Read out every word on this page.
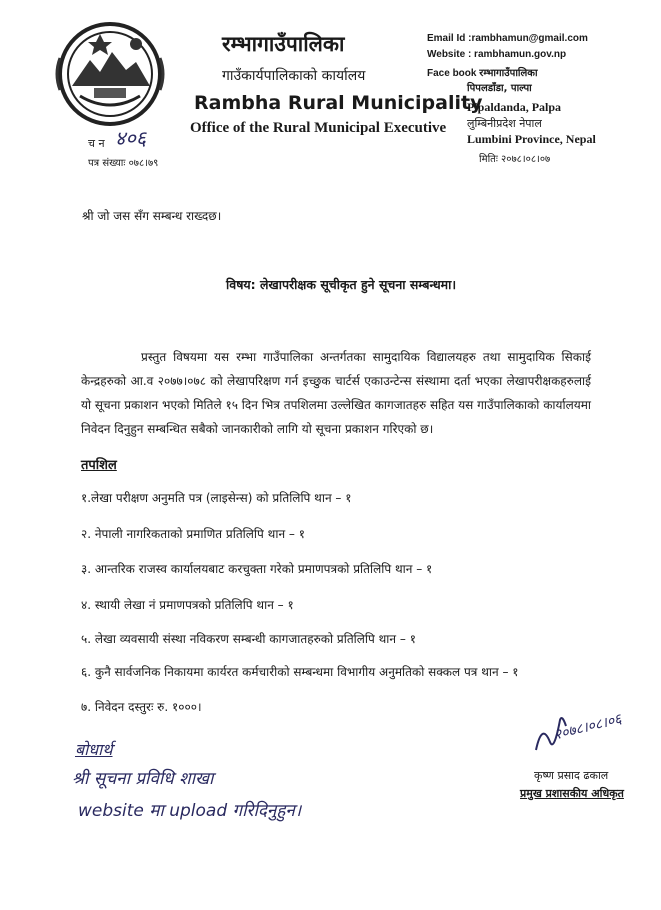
रम्भागाउँपालिका
गाउँकार्यपालिकाको कार्यालय
Rambha Rural Municipality
Office of the Rural Municipal Executive
Email Id :rambhamun@gmail.com
Website : rambhamun.gov.np
Face book रम्भागाउँपालिका
पिपलडाँडा, पाल्पा
Pipaldanda, Palpa
लुम्बिनीप्रदेश नेपाल
Lumbini Province, Nepal
मितिः २०७८।०८।०७
च न ४०६
पत्र संख्याः ०७८।७९
श्री जो जस सँग सम्बन्ध राख्दछ।
विषय: लेखापरीक्षक सूचीकृत हुने सूचना सम्बन्धमा।
प्रस्तुत विषयमा यस रम्भा गाउँपालिका अन्तर्गतका सामुदायिक विद्यालयहरु तथा सामुदायिक सिकाई केन्द्रहरुको आ.व २०७७।०७८ को लेखापरिक्षण गर्न इच्छुक चार्टर्स एकाउन्टेन्स संस्थामा दर्ता भएका लेखापरीक्षकहरुलाई यो सूचना प्रकाशन भएको मितिले १५ दिन भित्र तपशिलमा उल्लेखित कागजातहरु सहित यस गाउँपालिकाको कार्यालयमा निवेदन दिनुहुन सम्बन्धित सबैको जानकारीको लागि यो सूचना प्रकाशन गरिएको छ।
तपशिल
१.लेखा परीक्षण अनुमति पत्र (लाइसेन्स) को प्रतिलिपि थान – १
२. नेपाली नागरिकताको प्रमाणित प्रतिलिपि थान – १
३. आन्तरिक राजस्व कार्यालयबाट करचुक्ता गरेको प्रमाणपत्रको प्रतिलिपि थान – १
४. स्थायी लेखा नं प्रमाणपत्रको प्रतिलिपि थान – १
५. लेखा व्यवसायी संस्था नविकरण सम्बन्धी कागजातहरुको प्रतिलिपि थान – १
६. कुनै सार्वजनिक निकायमा कार्यरत कर्मचारीको सम्बन्धमा विभागीय अनुमतिको सक्कल पत्र थान – १
७. निवेदन दस्तुरः रु. १०००।
बोधार्थ
श्री सूचना प्रविधि शाखा
website मा upload गरिदिनुहुन।
२०७८।०८।०६
कृष्ण प्रसाद ढकाल
प्रमुख प्रशासकीय अधिकृत
